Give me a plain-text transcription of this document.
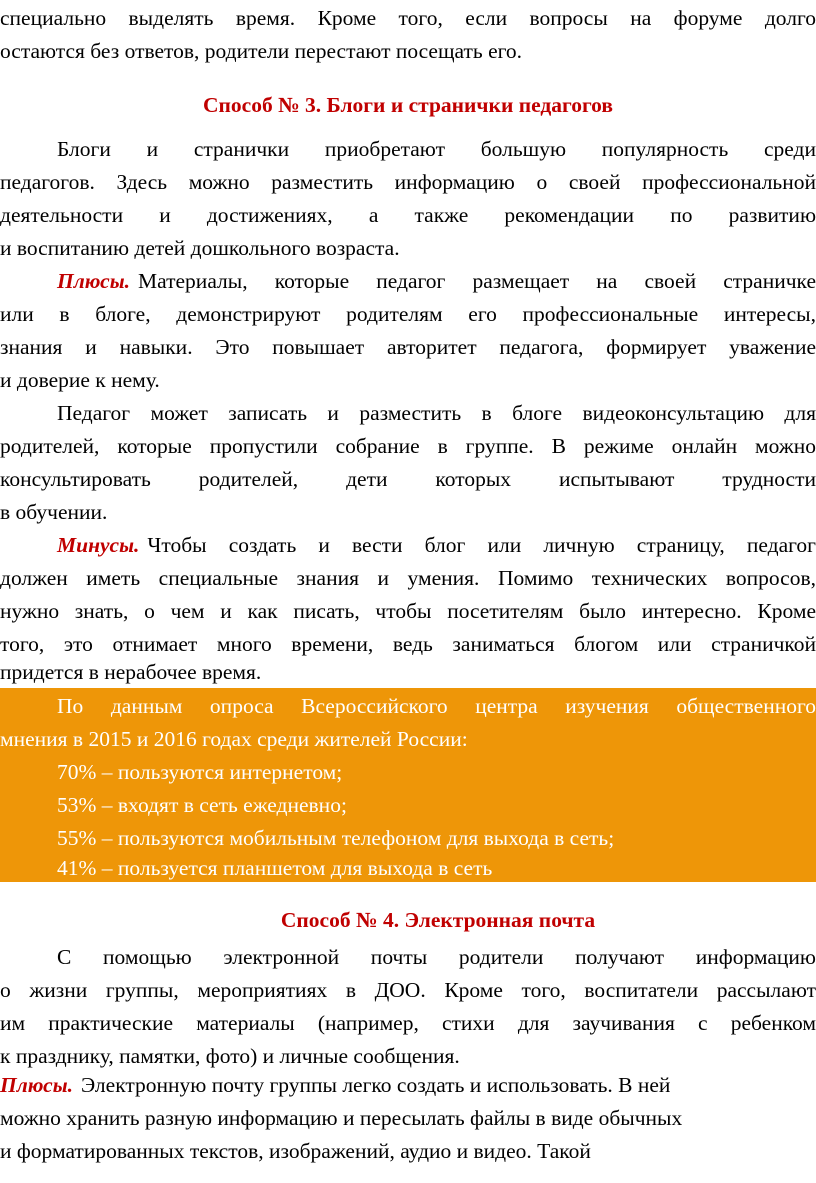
специально выделять время. Кроме того, если вопросы на форуме долго
остаются без ответов, родители перестают посещать его.
Способ № 3. Блоги и странички педагогов
Блоги и странички приобретают большую популярность среди
педагогов. Здесь можно разместить информацию о своей профессиональной
деятельности и достижениях, а также рекомендации по развитию
и воспитанию детей дошкольного возраста.
Плюсы. Материалы, которые педагог размещает на своей страничке
или в блоге, демонстрируют родителям его профессиональные интересы,
знания и навыки. Это повышает авторитет педагога, формирует уважение
и доверие к нему.
Педагог может записать и разместить в блоге видеоконсультацию для
родителей, которые пропустили собрание в группе. В режиме онлайн можно
консультировать родителей, дети которых испытывают трудности
в обучении.
Минусы. Чтобы создать и вести блог или личную страницу, педагог
должен иметь специальные знания и умения. Помимо технических вопросов,
нужно знать, о чем и как писать, чтобы посетителям было интересно. Кроме
того, это отнимает много времени, ведь заниматься блогом или страничкой
придется в нерабочее время.
По данным опроса Всероссийского центра изучения общественного
мнения в 2015 и 2016 годах среди жителей России:
70% – пользуются интернетом;
53% – входят в сеть ежедневно;
55% – пользуются мобильным телефоном для выхода в сеть;
41% – пользуется планшетом для выхода в сеть
Способ № 4. Электронная почта
С помощью электронной почты родители получают информацию
о жизни группы, мероприятиях в ДОО. Кроме того, воспитатели рассылают
им практические материалы (например, стихи для заучивания с ребенком
к празднику, памятки, фото) и личные сообщения.
Плюсы. Электронную почту группы легко создать и использовать. В ней
можно хранить разную информацию и пересылать файлы в виде обычных
и форматированных текстов, изображений, аудио и видео. Такой
